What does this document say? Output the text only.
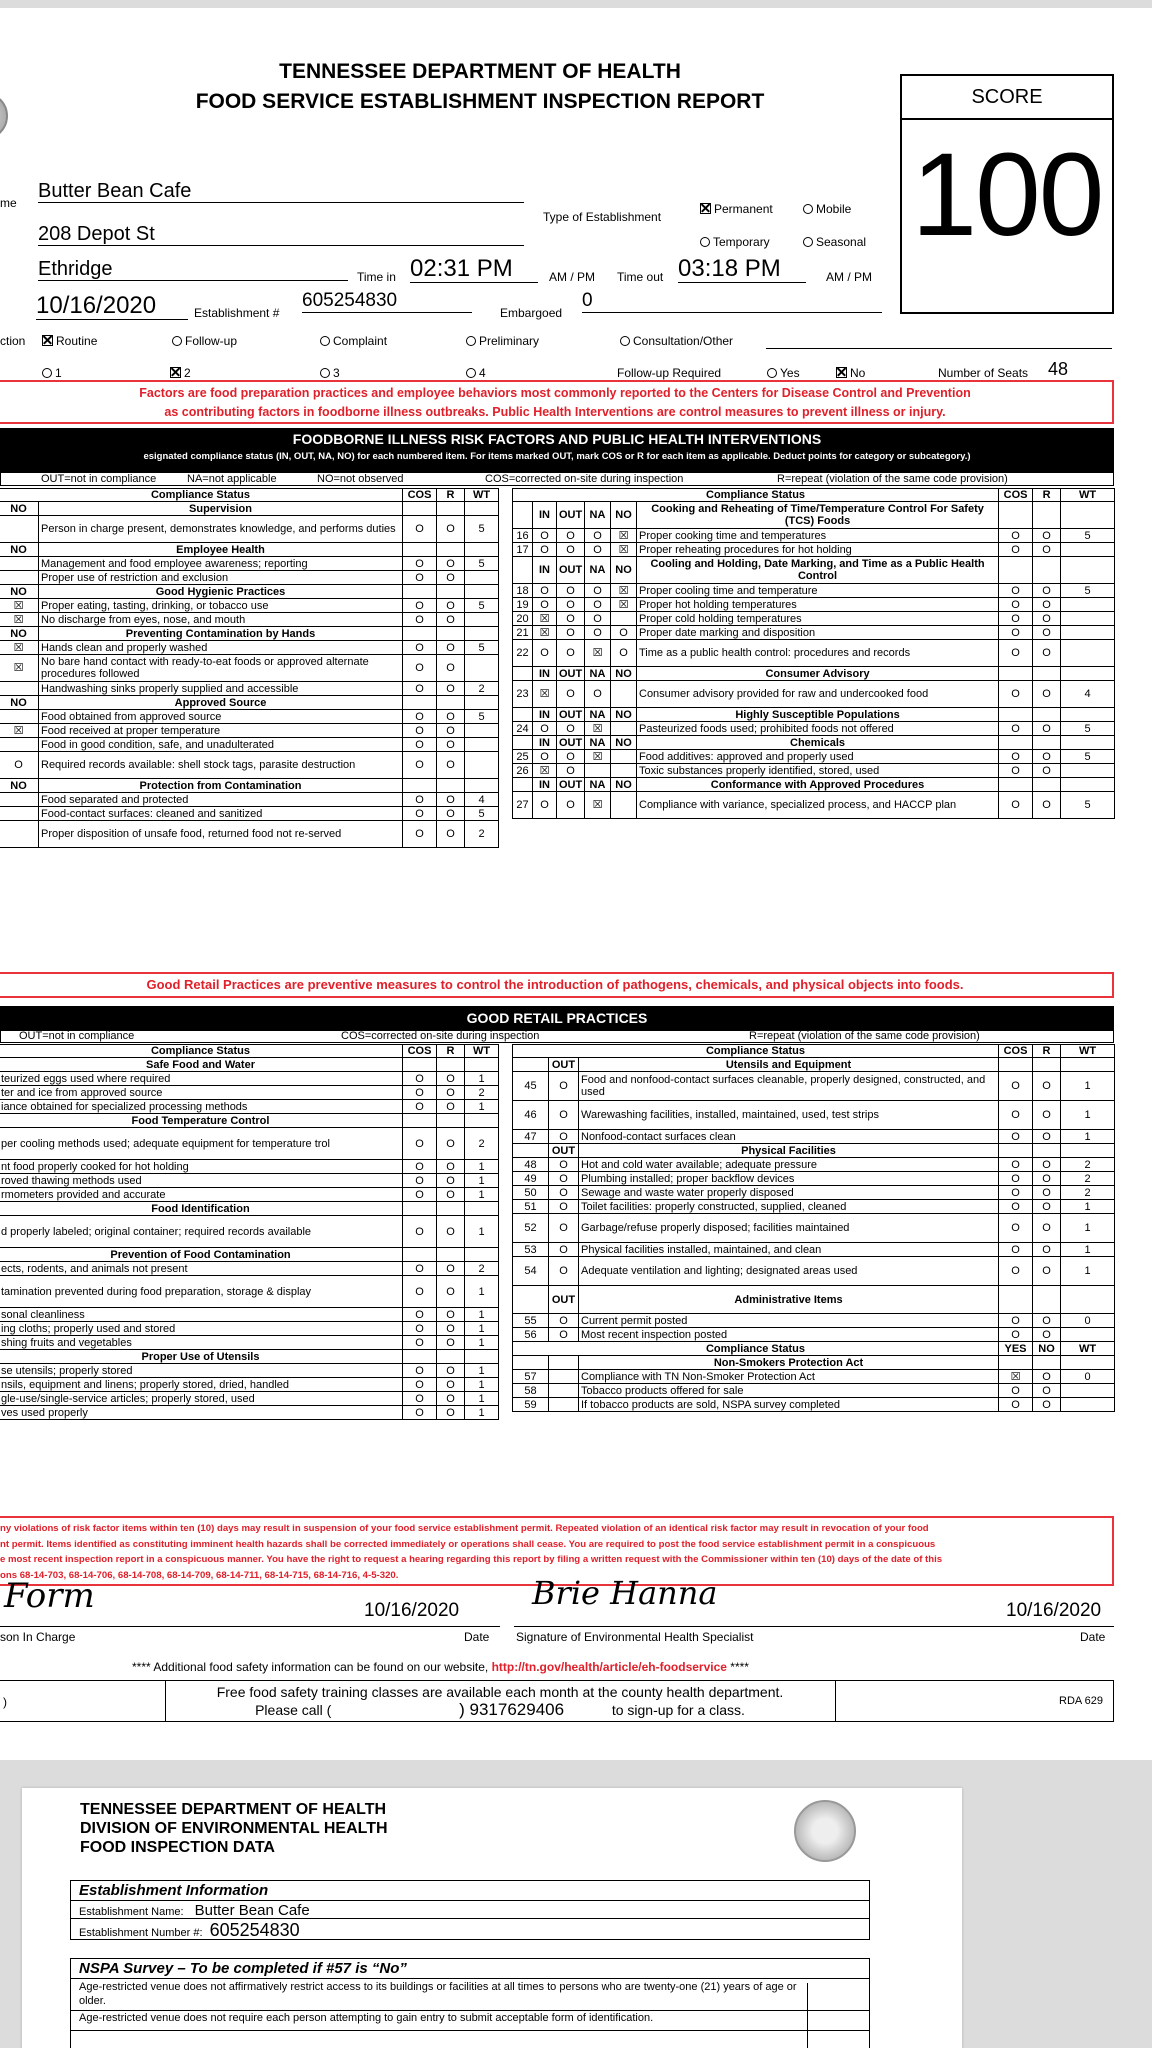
TENNESSEE DEPARTMENT OF HEALTH
FOOD SERVICE ESTABLISHMENT INSPECTION REPORT	SCORE
100
me
Butter Bean Cafe
208 Depot St
Ethridge
Type of Establishment
Permanent	Mobile
Temporary	Seasonal
Time in 02:31 PM	AM / PM Time out 03:18 PM	AM / PM
10/16/2020	Establishment #
605254830
Embargoed
0
ction	Routine	Follow-up	Complaint	Preliminary	Consultation/Other
1	2	3	4	Follow-up Required	Yes	No	Number of Seats 48
Factors are food preparation practices and employee behaviors most commonly reported to the Centers for Disease Control and Prevention
as contributing factors in foodborne illness outbreaks. Public Health Interventions are control measures to prevent illness or injury.
FOODBORNE ILLNESS RISK FACTORS AND PUBLIC HEALTH INTERVENTIONS
esignated compliance status (IN, OUT, NA, NO) for each numbered item. For items marked OUT, mark COS or R for each item as applicable. Deduct points for category or subcategory.)
OUT=not in compliance	NA=not applicable	NO=not observed	COS=corrected on-site during inspection	R=repeat (violation of the same code provision)
Compliance Status		COS	R	WT
NO	Supervision			
	Person in charge present, demonstrates knowledge, and performs duties	O	O	5
NO	Employee Health			
	Management and food employee awareness; reporting	O	O	5
	Proper use of restriction and exclusion	O	O	
NO	Good Hygienic Practices			
☒	Proper eating, tasting, drinking, or tobacco use	O	O	5
☒	No discharge from eyes, nose, and mouth	O	O	
NO	Preventing Contamination by Hands			
☒	Hands clean and properly washed	O	O	5
☒	No bare hand contact with ready-to-eat foods or approved alternate procedures followed	O	O	
	Handwashing sinks properly supplied and accessible	O	O	2
NO	Approved Source			
	Food obtained from approved source	O	O	5
☒	Food received at proper temperature	O	O	
	Food in good condition, safe, and unadulterated	O	O	
O	Required records available: shell stock tags, parasite destruction	O	O	
NO	Protection from Contamination			
	Food separated and protected	O	O	4
	Food-contact surfaces: cleaned and sanitized	O	O	5
	Proper disposition of unsafe food, returned food not re-served	O	O	2
Compliance Status						COS	R	WT
	IN	OUT	NA	NO	Cooking and Reheating of Time/Temperature Control For Safety (TCS) Foods			
16	O	O	O	☒	Proper cooking time and temperatures	O	O	5
17	O	O	O	☒	Proper reheating procedures for hot holding	O	O	
	IN	OUT	NA	NO	Cooling and Holding, Date Marking, and Time as a Public Health Control			
18	O	O	O	☒	Proper cooling time and temperature	O	O	5
19	O	O	O	☒	Proper hot holding temperatures	O	O	
20	☒	O	O		Proper cold holding temperatures	O	O	
21	☒	O	O	O	Proper date marking and disposition	O	O	
22	O	O	☒	O	Time as a public health control: procedures and records	O	O	
	IN	OUT	NA	NO	Consumer Advisory			
23	☒	O	O		Consumer advisory provided for raw and undercooked food	O	O	4
	IN	OUT	NA	NO	Highly Susceptible Populations			
24	O	O	☒		Pasteurized foods used; prohibited foods not offered	O	O	5
	IN	OUT	NA	NO	Chemicals			
25	O	O	☒		Food additives: approved and properly used	O	O	5
26	☒	O			Toxic substances properly identified, stored, used	O	O	
	IN	OUT	NA	NO	Conformance with Approved Procedures			
27	O	O	☒		Compliance with variance, specialized process, and HACCP plan	O	O	5
Good Retail Practices are preventive measures to control the introduction of pathogens, chemicals, and physical objects into foods.
GOOD RETAIL PRACTICES
OUT=not in compliance	COS=corrected on-site during inspection	R=repeat (violation of the same code provision)
Compliance Status	COS	R	WT
Safe Food and Water			
teurized eggs used where required	O	O	1
ter and ice from approved source	O	O	2
iance obtained for specialized processing methods	O	O	1
Food Temperature Control			
per cooling methods used; adequate equipment for temperature trol	O	O	2
nt food properly cooked for hot holding	O	O	1
roved thawing methods used	O	O	1
rmometers provided and accurate	O	O	1
Food Identification			
d properly labeled; original container; required records available	O	O	1
Prevention of Food Contamination			
ects, rodents, and animals not present	O	O	2
tamination prevented during food preparation, storage & display	O	O	1
sonal cleanliness	O	O	1
ing cloths; properly used and stored	O	O	1
shing fruits and vegetables	O	O	1
Proper Use of Utensils			
se utensils; properly stored	O	O	1
nsils, equipment and linens; properly stored, dried, handled	O	O	1
gle-use/single-service articles; properly stored, used	O	O	1
ves used properly	O	O	1
Compliance Status			COS	R	WT
	OUT	Utensils and Equipment			
45	O	Food and nonfood-contact surfaces cleanable, properly designed, constructed, and used	O	O	1
46	O	Warewashing facilities, installed, maintained, used, test strips	O	O	1
47	O	Nonfood-contact surfaces clean	O	O	1
	OUT	Physical Facilities			
48	O	Hot and cold water available; adequate pressure	O	O	2
49	O	Plumbing installed; proper backflow devices	O	O	2
50	O	Sewage and waste water properly disposed	O	O	2
51	O	Toilet facilities: properly constructed, supplied, cleaned	O	O	1
52	O	Garbage/refuse properly disposed; facilities maintained	O	O	1
53	O	Physical facilities installed, maintained, and clean	O	O	1
54	O	Adequate ventilation and lighting; designated areas used	O	O	1
	OUT	Administrative Items			
55	O	Current permit posted	O	O	0
56	O	Most recent inspection posted	O	O	
Compliance Status			YES	NO	WT
		Non-Smokers Protection Act			
57		Compliance with TN Non-Smoker Protection Act	☒	O	0
58		Tobacco products offered for sale	O	O	
59		If tobacco products are sold, NSPA survey completed	O	O	
ny violations of risk factor items within ten (10) days may result in suspension of your food service establishment permit. Repeated violation of an identical risk factor may result in revocation of your food
nt permit. Items identified as constituting imminent health hazards shall be corrected immediately or operations shall cease. You are required to post the food service establishment permit in a conspicuous
e most recent inspection report in a conspicuous manner. You have the right to request a hearing regarding this report by filing a written request with the Commissioner within ten (10) days of the date of this
ons 68-14-703, 68-14-706, 68-14-708, 68-14-709, 68-14-711, 68-14-715, 68-14-716, 4-5-320.
Form	10/16/2020
son In Charge	Date
Brie Hanna	10/16/2020
Signature of Environmental Health Specialist	Date
**** Additional food safety information can be found on our website, http://tn.gov/health/article/eh-foodservice ****
)
Free food safety training classes are available each month at the county health department.
Please call (	) 9317629406	to sign-up for a class.
RDA 629
TENNESSEE DEPARTMENT OF HEALTH
DIVISION OF ENVIRONMENTAL HEALTH
FOOD INSPECTION DATA
Establishment Information
Establishment Name: Butter Bean Cafe
Establishment Number #: 605254830
NSPA Survey – To be completed if #57 is “No”
Age-restricted venue does not affirmatively restrict access to its buildings or facilities at all times to persons who are twenty-one (21) years of age or older.
Age-restricted venue does not require each person attempting to gain entry to submit acceptable form of identification.
